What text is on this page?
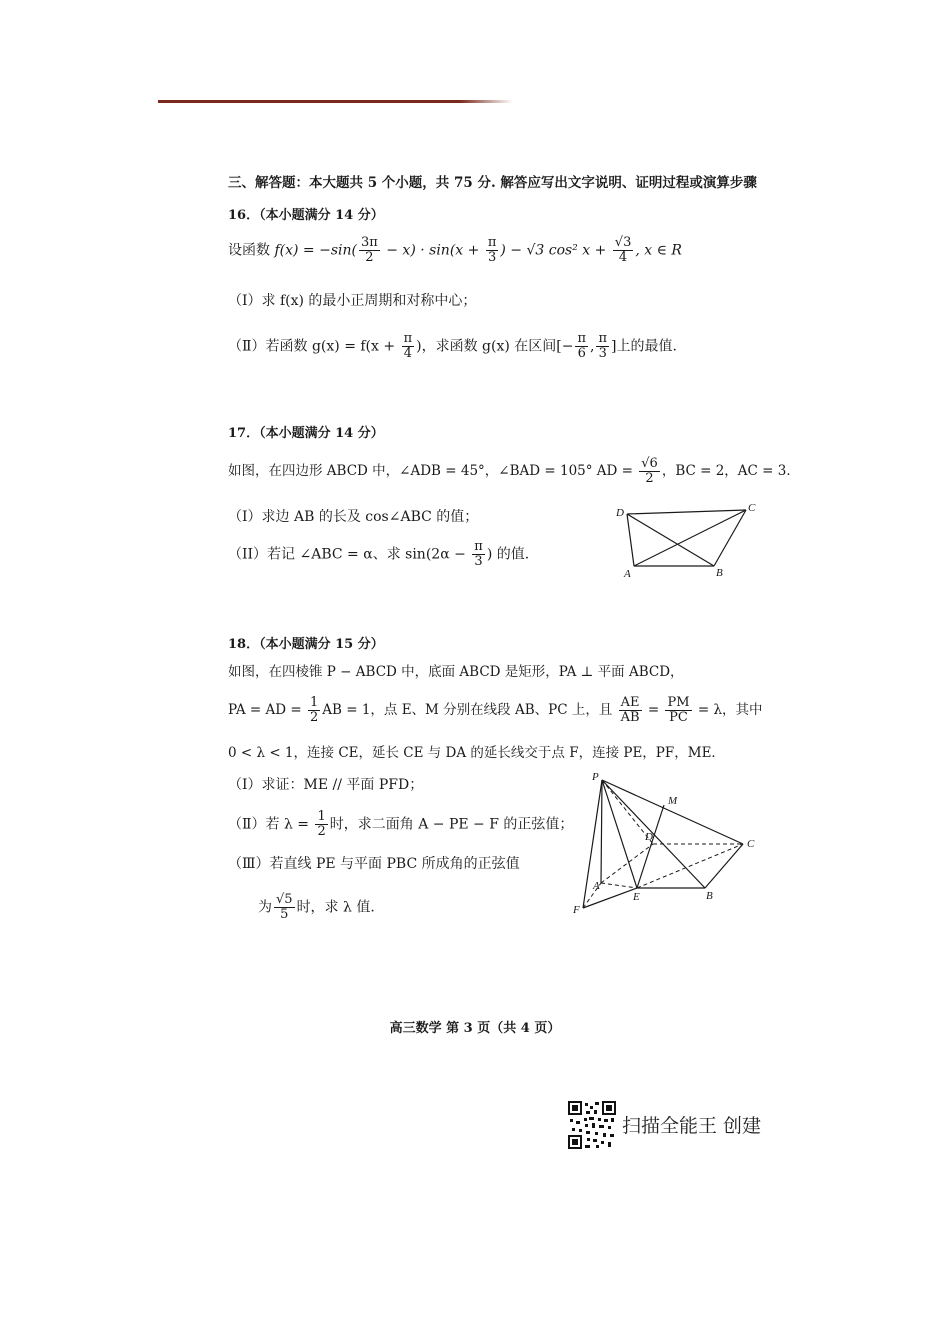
三、解答题：本大题共 5 个小题，共 75 分. 解答应写出文字说明、证明过程或演算步骤
16．（本小题满分 14 分）
设函数 $f(x) = -\sin( \frac{3\pi}{2} - x) \cdot \sin(x + \frac{\pi}{3}$ ) − √3 cos² $x + \frac{√3}{4}$ , x ∈ R
（Ⅰ）求 f(x) 的最小正周期和对称中心；
（Ⅱ）若函数 $g(x) = f(x + \frac{\pi}{4}$ )，求函数 g(x) 在区间[− $\frac{\pi}{6}$ , $\frac{\pi}{3}$ ]上的最值.
17．（本小题满分 14 分）
如图，在四边形 ABCD 中，∠ADB = 45°，∠BAD = 105° AD = $\frac{√6}{2}$ ，BC = 2，AC = 3．
（I）求边 AB 的长及 cos∠ABC 的值；
（II）若记 ∠ABC = α、求 $\sin(2\alpha - \frac{\pi}{3}$ ) 的值.
D	C
A	B
18．（本小题满分 15 分）
如图，在四棱锥 P − ABCD 中，底面 ABCD 是矩形，PA ⊥ 平面 ABCD，
PA = AD = $\frac{1}{2}$ AB = 1，点 E、M 分别在线段 AB、PC 上，且 $\frac{AE}{AB} = \frac{PM}{PC} = \lambda$，其中
0 < λ < 1，连接 CE，延长 CE 与 DA 的延长线交于点 F，连接 PE，PF，ME．
（Ⅰ）求证：ME // 平面 PFD；
（Ⅱ）若 $\lambda = \frac{1}{2}$ 时，求二面角 A − PE − F 的正弦值；
（Ⅲ）若直线 PE 与平面 PBC 所成角的正弦值
为 $\frac{√5}{5}$ 时，求 λ 值.
P
M
D
C
A
E	B
F
高三数学 第 3 页（共 4 页）
扫描全能王 创建
